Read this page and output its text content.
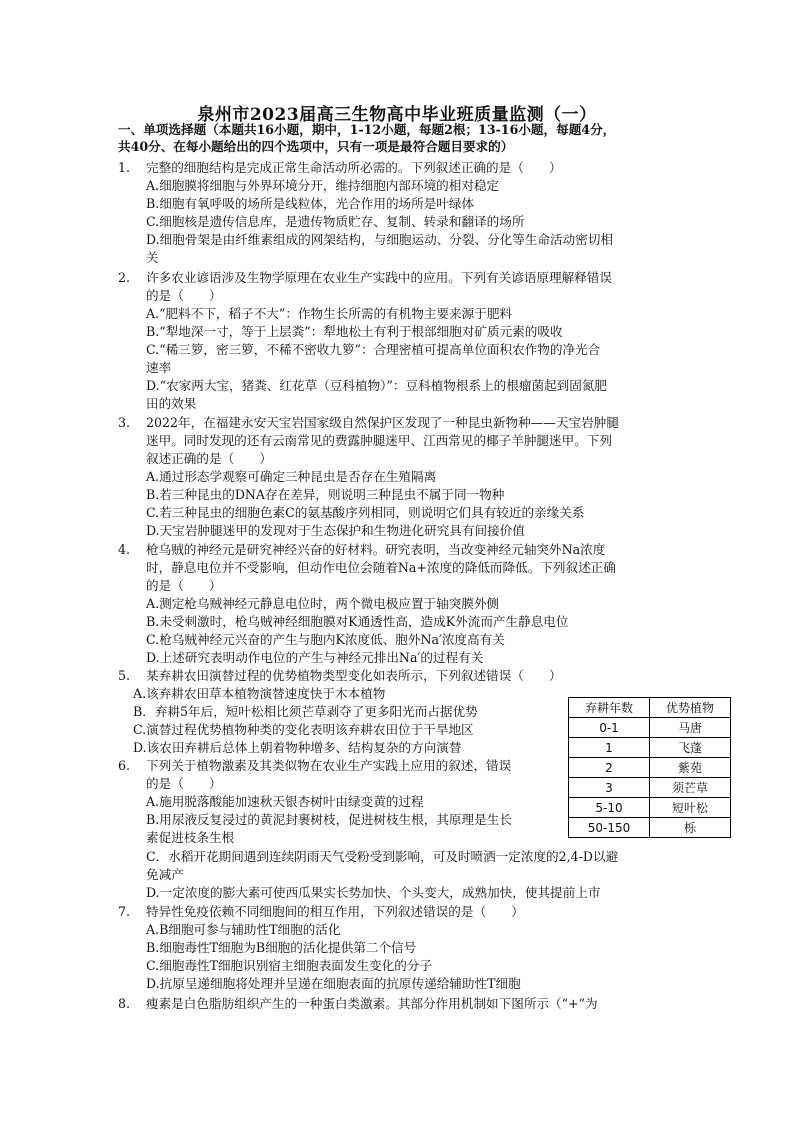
泉州市2023届高三生物高中毕业班质量监测（一）
一、单项选择题（本题共16小题，期中，1-12小题，每题2根；13-16小题，每题4分，
共40分、在每小题给出的四个选项中，只有一项是最符合题目要求的）
1. 完整的细胞结构是完成正常生命活动所必需的。下列叙述正确的是（　　）
A.细胞膜将细胞与外界环境分开，维持细胞内部环境的相对稳定
B.细胞有氧呼吸的场所是线粒体，光合作用的场所是叶绿体
C.细胞核是遗传信息库，是遗传物质贮存、复制、转录和翻译的场所
D.细胞骨架是由纤维素组成的网架结构，与细胞运动、分裂、分化等生命活动密切相
关
2. 许多农业谚语涉及生物学原理在农业生产实践中的应用。下列有关谚语原理解释错误
的是（　　）
A.“肥料不下，稻子不大”：作物生长所需的有机物主要来源于肥料
B.“犁地深一寸，等于上层粪”：犁地松土有利于根部细胞对矿质元素的吸收
C.“稀三箩，密三箩，不稀不密收九箩”：合理密植可提高单位面积农作物的净光合
速率
D.“农家两大宝，猪粪、红花草（豆科植物）”：豆科植物根系上的根瘤菌起到固氮肥
田的效果
3. 2022年，在福建永安天宝岩国家级自然保护区发现了一种昆虫新物种——天宝岩肿腿
迷甲。同时发现的还有云南常见的费露肿腿迷甲、江西常见的椰子羊肿腿迷甲。下列
叙述正确的是（　　）
A.通过形态学观察可确定三种昆虫是否存在生殖隔离
B.若三种昆虫的DNA存在差异，则说明三种昆虫不属于同一物种
C.若三种昆虫的细胞色素C的氨基酸序列相同，则说明它们具有较近的亲缘关系
D.天宝岩肿腿迷甲的发现对于生态保护和生物进化研究具有间接价值
4. 枪乌贼的神经元是研究神经兴奋的好材料。研究表明，当改变神经元轴突外Na浓度
时，静息电位并不受影响，但动作电位会随着Na+浓度的降低而降低。下列叙述正确
的是（　　）
A.测定枪乌贼神经元静息电位时，两个微电极应置于轴突膜外侧
B.未受刺激时，枪乌贼神经细胞膜对K通透性高，造成K外流而产生静息电位
C.枪乌贼神经元兴奋的产生与胞内K浓度低、胞外Na′浓度高有关
D.上述研究表明动作电位的产生与神经元排出Na′的过程有关
5. 某弃耕农田演替过程的优势植物类型变化如表所示，下列叙述错误（　　）
A.该弃耕农田草本植物演替速度快于木本植物
B．弃耕5年后，短叶松相比须芒草剥夺了更多阳光而占据优势
C.演替过程优势植物种类的变化表明该弃耕农田位于干旱地区
D.该农田弃耕后总体上朝着物种增多、结构复杂的方向演替
6. 下列关于植物激素及其类似物在农业生产实践上应用的叙述，错误
的是（　　）
A.施用脱落酸能加速秋天银杏树叶由绿变黄的过程
B.用尿液反复浸过的黄泥封裹树枝，促进树枝生根，其原理是生长
素促进枝条生根
C．水稻开花期间遇到连续阴雨天气受粉受到影响，可及时喷洒一定浓度的2,4-D以避
免减产
D.一定浓度的膨大素可使西瓜果实长势加快、个头变大，成熟加快，使其提前上市
7. 特异性免疫依赖不同细胞间的相互作用，下列叙述错误的是（　　）
A.B细胞可参与辅助性T细胞的活化
B.细胞毒性T细胞为B细胞的活化提供第二个信号
C.细胞毒性T细胞识别宿主细胞表面发生变化的分子
D.抗原呈递细胞将处理并呈递在细胞表面的抗原传递给辅助性T细胞
8. 瘦素是白色脂肪组织产生的一种蛋白类激素。其部分作用机制如下图所示（“+”为
弃耕年数	优势植物
0-1	马唐
1	飞蓬
2	紫苑
3	须芒草
5-10	短叶松
50-150	栎
